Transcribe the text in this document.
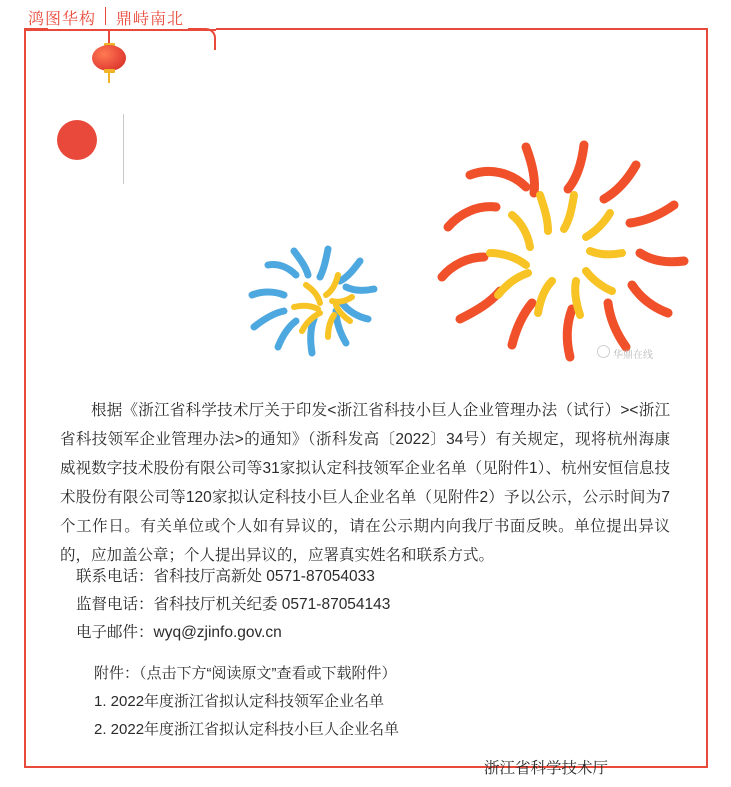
鸿图华构 鼎峙南北
华鼎在线

根据《浙江省科学技术厅关于印发<浙江省科技小巨人企业管理办法（试行）><浙江省科技领军企业管理办法>的通知》（浙科发高〔2022〕34号）有关规定，现将杭州海康威视数字技术股份有限公司等31家拟认定科技领军企业名单（见附件1）、杭州安恒信息技术股份有限公司等120家拟认定科技小巨人企业名单（见附件2）予以公示，公示时间为7个工作日。有关单位或个人如有异议的，请在公示期内向我厅书面反映。单位提出异议的，应加盖公章；个人提出异议的，应署真实姓名和联系方式。

联系电话：省科技厅高新处 0571-87054033
监督电话：省科技厅机关纪委 0571-87054143
电子邮件：wyq@zjinfo.gov.cn
附件：（点击下方“阅读原文”查看或下载附件）
1. 2022年度浙江省拟认定科技领军企业名单
2. 2022年度浙江省拟认定科技小巨人企业名单
浙江省科学技术厅
